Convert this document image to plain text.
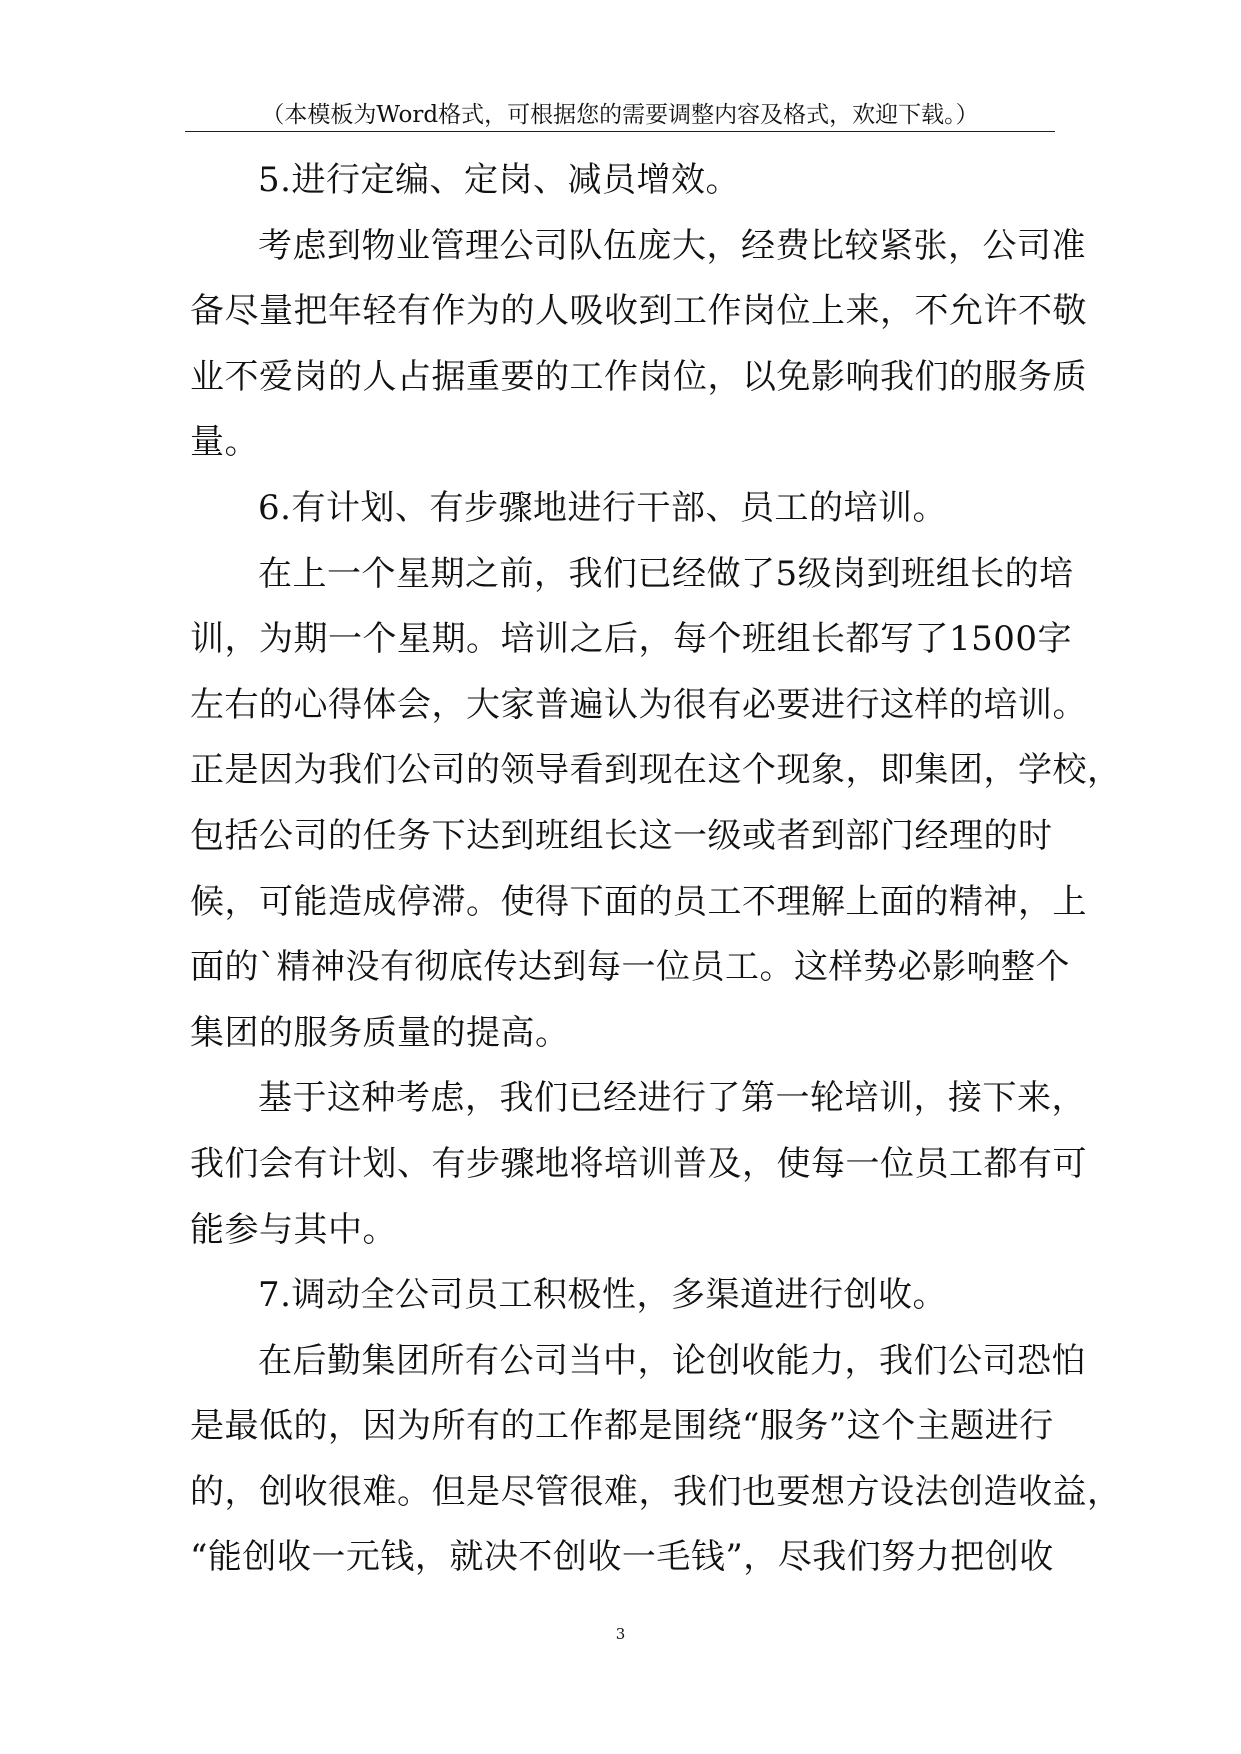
（本模板为Word格式，可根据您的需要调整内容及格式，欢迎下载。）
5.进行定编、定岗、减员增效。
考虑到物业管理公司队伍庞大，经费比较紧张，公司准
备尽量把年轻有作为的人吸收到工作岗位上来，不允许不敬
业不爱岗的人占据重要的工作岗位，以免影响我们的服务质
量。
6.有计划、有步骤地进行干部、员工的培训。
在上一个星期之前，我们已经做了5级岗到班组长的培
训，为期一个星期。培训之后，每个班组长都写了1500字
左右的心得体会，大家普遍认为很有必要进行这样的培训。
正是因为我们公司的领导看到现在这个现象，即集团，学校，
包括公司的任务下达到班组长这一级或者到部门经理的时
候，可能造成停滞。使得下面的员工不理解上面的精神，上
面的`精神没有彻底传达到每一位员工。这样势必影响整个
集团的服务质量的提高。
基于这种考虑，我们已经进行了第一轮培训，接下来，
我们会有计划、有步骤地将培训普及，使每一位员工都有可
能参与其中。
7.调动全公司员工积极性，多渠道进行创收。
在后勤集团所有公司当中，论创收能力，我们公司恐怕
是最低的，因为所有的工作都是围绕“服务”这个主题进行
的，创收很难。但是尽管很难，我们也要想方设法创造收益，
“能创收一元钱，就决不创收一毛钱”，尽我们努力把创收
3
